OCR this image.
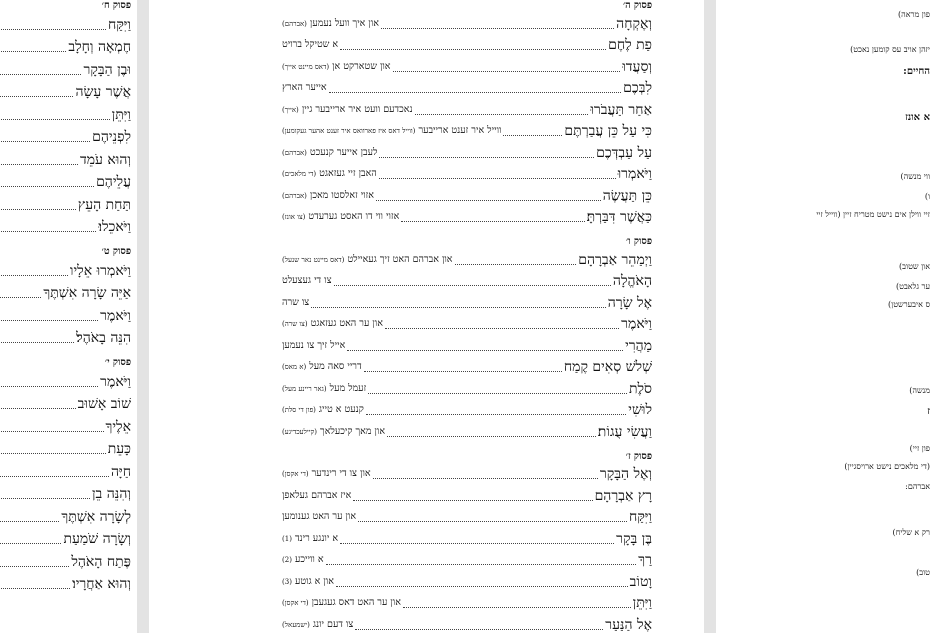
פסוק ח׳
וַיִּקַּח
חֶמְאָה וְחָלָב
וּבֶן הַבָּקָר
אֲשֶׁר עָשָׂה
וַיִּתֵּן
לִפְנֵיהֶם
וְהוּא עֹמֵד
עֲלֵיהֶם
תַּחַת הָעֵץ
וַיֹּאכֵלוּ׃
פסוק ט׳
וַיֹּאמְרוּ אֵלָיו
אַיֵּה שָׂרָה אִשְׁתֶּךָ
וַיֹּאמֶר
הִנֵּה בָאֹהֶל׃
פסוק י׳
וַיֹּאמֶר
שׁוֹב אָשׁוּב
אֵלֶיךָ
כָּעֵת
חַיָּה
וְהִנֵּה בֵן
לְשָׂרָה אִשְׁתֶּךָ
וְשָׂרָה שֹׁמַעַת
פֶּתַח הָאֹהֶל
וְהוּא אַחֲרָיו׃
פסוק ה׳
וְאֶקְחָה
און איך וועל נעמען (אברהם)
פַת לֶחֶם
א שטיקל ברויט
וְסַעֲדוּ
און שטארקט אן (דאס מיינט אייך)
לִבְּכֶם
אייער הארץ
אַחַר תַּעֲבֹרוּ
נאכדעם וועט איר ארייבער גיין (אייך)
כִּי עַל כֵּן עֲבַרְתֶּם
ווייל איר זענט ארייבער (ווייל דאס איז פארוואס איר זענט אהער געקומען)
עַל עַבְדְּכֶם
לעבן אייער קנעכט (אברהם)
וַיֹּאמְרוּ
האבן זיי געזאגט (די מלאכים)
כֵּן תַּעֲשֶׂה
אזוי זאלסטו מאכן (אברהם)
כַּאֲשֶׁר דִּבַּרְתָּ׃
אזוי ווי דו האסט גערעדט (צו אונז)
פסוק ו׳
וַיְמַהֵר אַבְרָהָם
און אברהם האט זיך געאיילט (דאס מיינט נאר שנעל)
הָאֹהֱלָה
צו די געצעלט
אֶל שָׂרָה
צו שרה
וַיֹּאמֶר
און ער האט געזאגט (צו שרה)
מַהֲרִי
אייל זיך צו נעמען
שְׁלשׁ סְאִים קֶמַח
דריי סאה מעל (א מאס)
סֹלֶת
זעמל מעל (גאר ריינע מעל)
לוּשִׁי
קנעט א טייג (פון די סלת)
וַעֲשִׂי עֻגוֹת׃
און מאך קיכעלאך (קיילעכדיגע)
פסוק ז׳
וְאֶל הַבָּקָר
און צו די רינדער (די אקסן)
רָץ אַבְרָהָם
איז אברהם געלאפן
וַיִּקַּח
און ער האט גענומען
בֶּן בָּקָר
א יונגע רינד (1)
רַךְ
א ווייכע (2)
וָטוֹב
און א גוטע (3)
וַיִּתֵּן
און ער האט דאס געגעבן (די אקסן)
אֶל הַנַּעַר
צו דעם יונג (ישמעאל)
פון מראה)
יזהן אויב עס קומען נאכט)
החיים:
א אונז
ווי מנשה)
ו)
זיי ווילן אים נישט מטריח זיין (ווייל זיי
און שטוב)
ער גלאבט)
ס איבערשטן)
מנשה)
ז
פון זיי)
(די מלאכים נישט ארויסגיין)
אברהם:
רק א שליח)
טוב)
